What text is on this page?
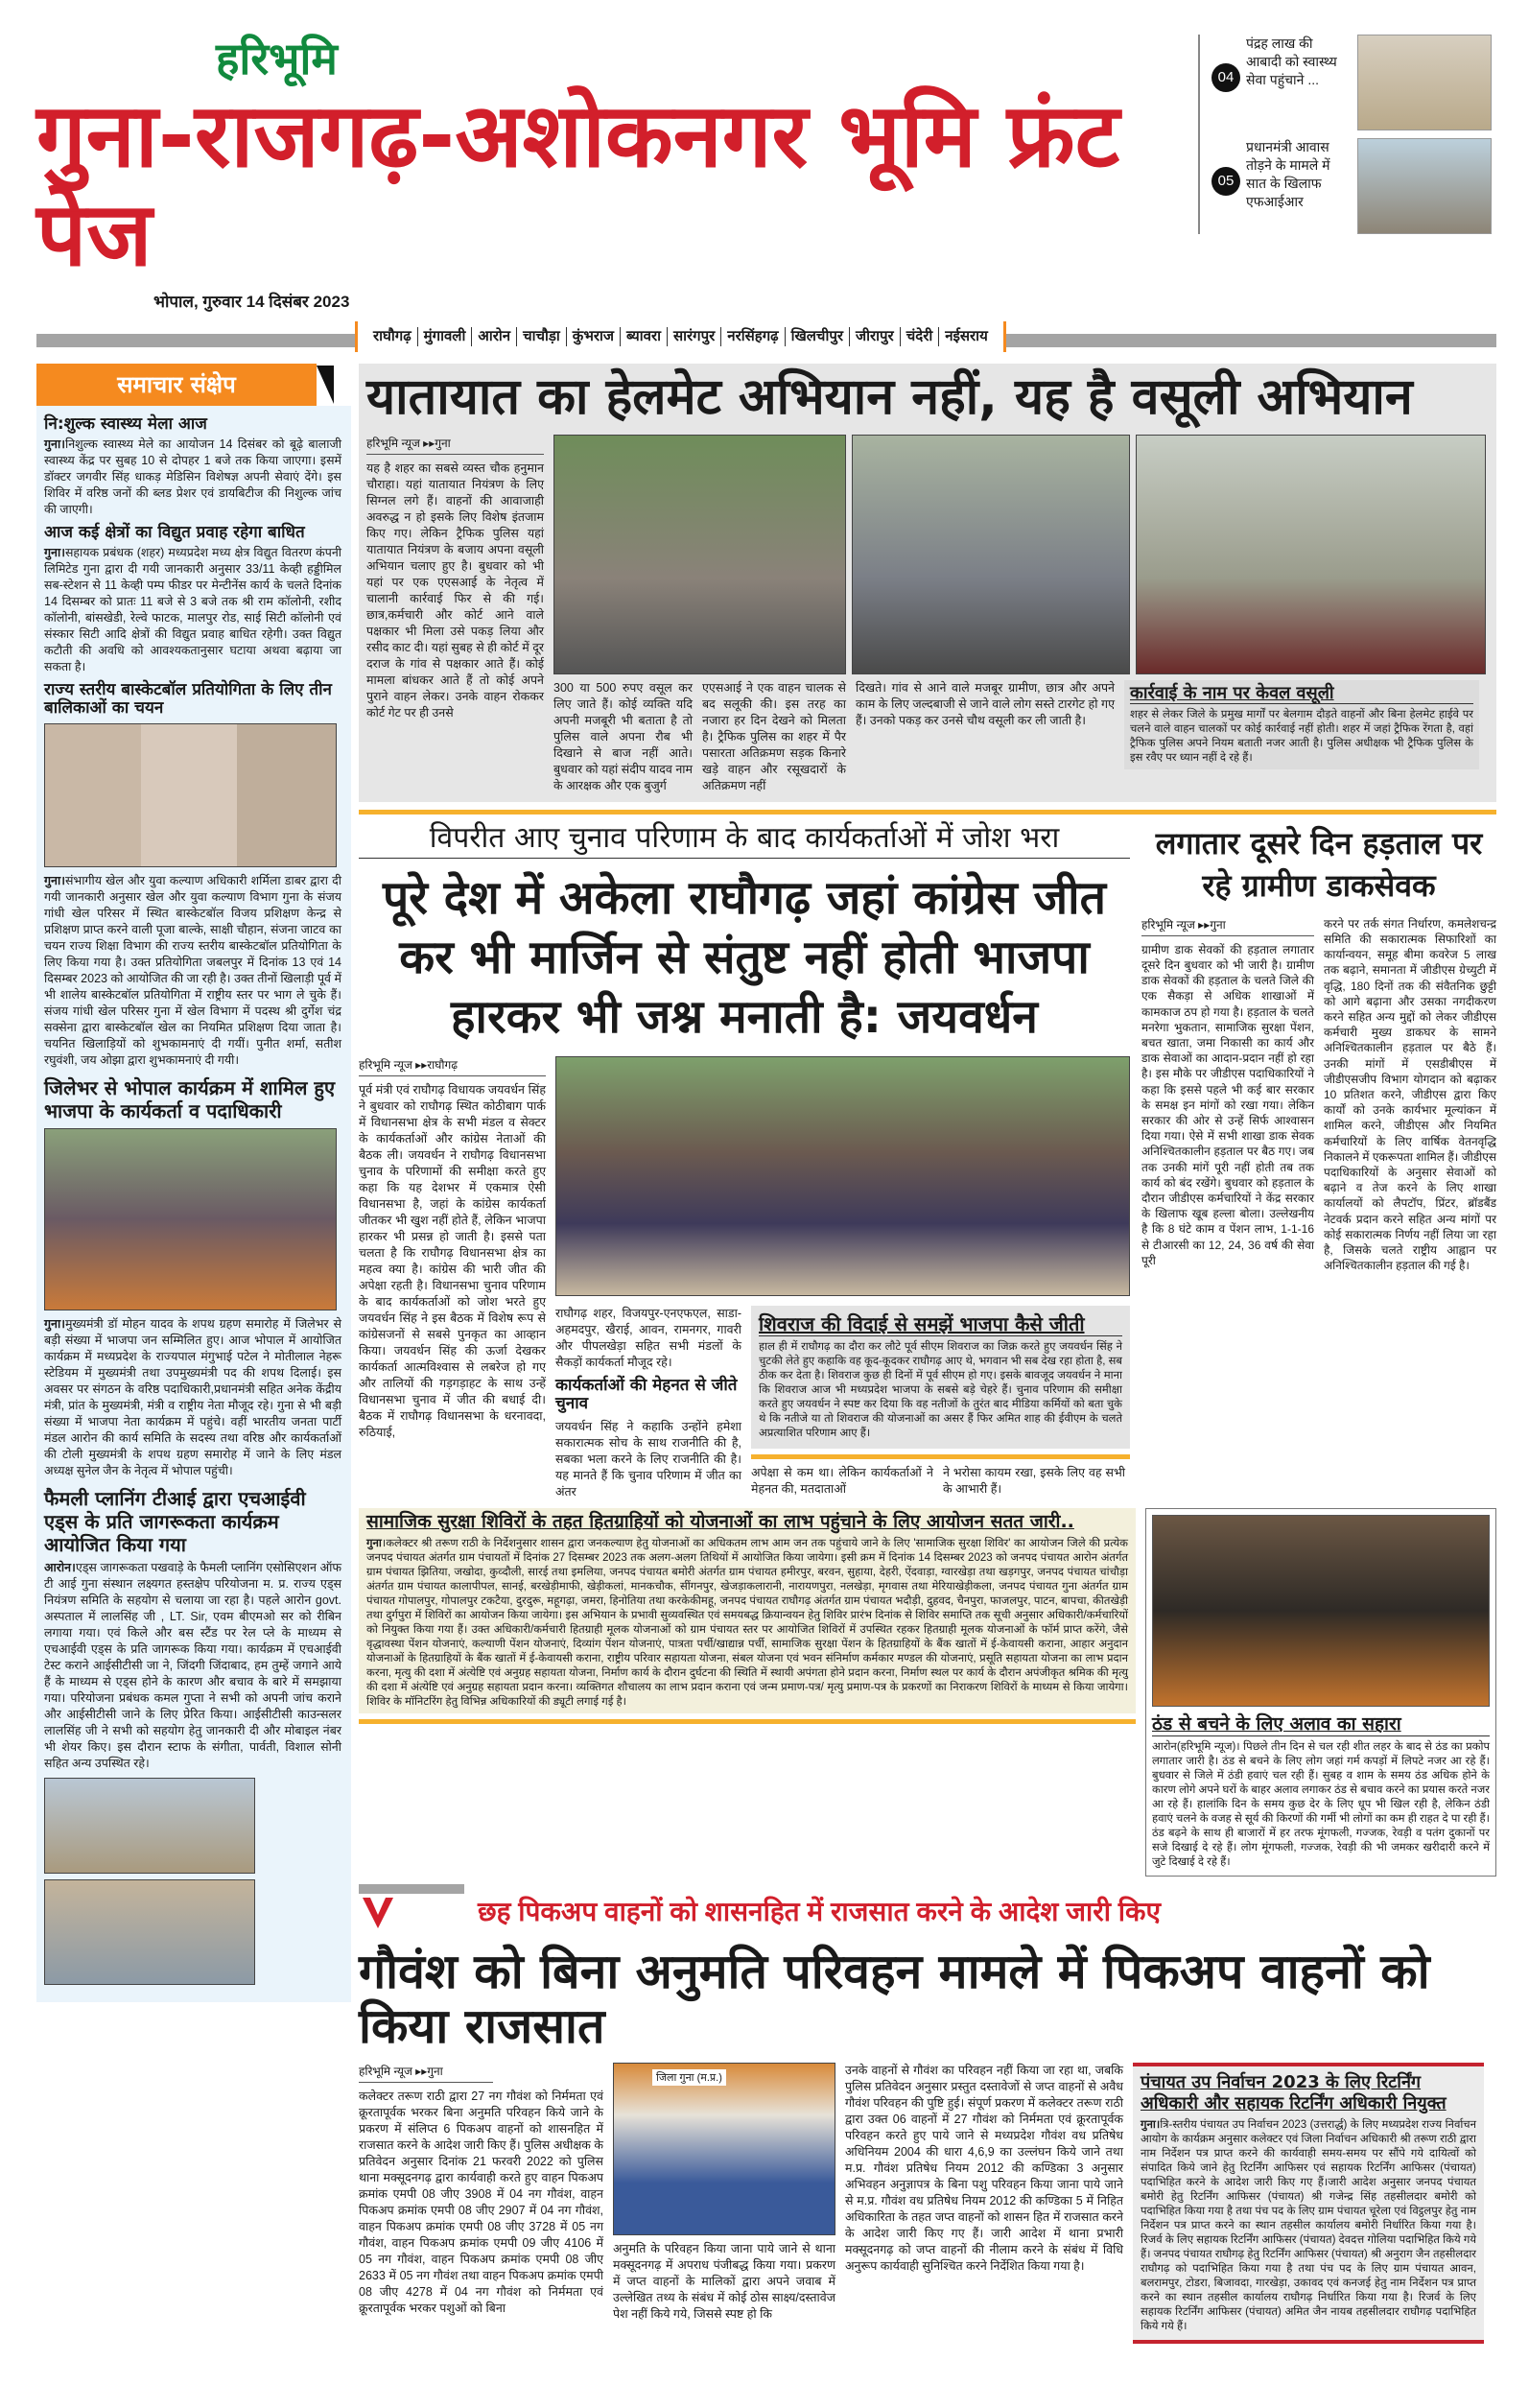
हरिभूमि
गुना-राजगढ़-अशोकनगर भूमि फ्रंट पेज
भोपाल, गुरुवार 14 दिसंबर 2023
04
पंद्रह लाख की आबादी को स्वास्थ्य सेवा पहुंचाने ...
05
प्रधानमंत्री आवास तोड़ने के मामले में सात के खिलाफ एफआईआर
राघौगढ़ मुंगावली आरोन चाचौड़ा कुंभराज ब्यावरा सारंगपुर नरसिंहगढ़ खिलचीपुर जीरापुर चंदेरी नईसराय
समाचार संक्षेप
नि:शुल्क स्वास्थ्य मेला आज

गुना।निशुल्क स्वास्थ्य मेले का आयोजन 14 दिसंबर को बूढ़े बालाजी स्वास्थ्य केंद्र पर सुबह 10 से दोपहर 1 बजे तक किया जाएगा। इसमें डॉक्टर जगवीर सिंह धाकड़ मेडिसिन विशेषज्ञ अपनी सेवाएं देंगे। इस शिविर में वरिष्ठ जनों की ब्लड प्रेशर एवं डायबिटीज की निशुल्क जांच की जाएगी।

आज कई क्षेत्रों का विद्युत प्रवाह रहेगा बाधित

गुना।सहायक प्रबंधक (शहर) मध्यप्रदेश मध्य क्षेत्र विद्युत वितरण कंपनी लिमिटेड गुना द्वारा दी गयी जानकारी अनुसार 33/11 केव्ही हड्डीमिल सब-स्टेशन से 11 केव्ही पम्प फीडर पर मेन्टीनेंस कार्य के चलते दिनांक 14 दिसम्बर को प्रातः 11 बजे से 3 बजे तक श्री राम कॉलोनी, रशीद कॉलोनी, बांसखेडी, रेल्वे फाटक, मालपुर रोड, साई सिटी कॉलोनी एवं संस्कार सिटी आदि क्षेत्रों की विद्युत प्रवाह बाधित रहेगी। उक्त विद्युत कटौती की अवधि को आवश्यकतानुसार घटाया अथवा बढ़ाया जा सकता है।

राज्य स्तरीय बास्केटबॉल प्रतियोगिता के लिए तीन बालिकाओं का चयन

गुना।संभागीय खेल और युवा कल्याण अधिकारी शर्मिला डाबर द्वारा दी गयी जानकारी अनुसार खेल और युवा कल्याण विभाग गुना के संजय गांधी खेल परिसर में स्थित बास्केटबॉल विजय प्रशिक्षण केन्द्र से प्रशिक्षण प्राप्त करने वाली पूजा बाल्के, साक्षी चौहान, संजना जाटव का चयन राज्य शिक्षा विभाग की राज्य स्तरीय बास्केटबॉल प्रतियोगिता के लिए किया गया है। उक्त प्रतियोगिता जबलपुर में दिनांक 13 एवं 14 दिसम्बर 2023 को आयोजित की जा रही है। उक्त तीनों खिलाड़ी पूर्व में भी शालेय बास्केटबॉल प्रतियोगिता में राष्ट्रीय स्तर पर भाग ले चुके हैं। संजय गांधी खेल परिसर गुना में खेल विभाग में पदस्थ श्री दुर्गेश चंद्र सक्सेना द्वारा बास्केटबॉल खेल का नियमित प्रशिक्षण दिया जाता है। चयनित खिलाड़ियों को शुभकामनाएं दी गयीं। पुनीत शर्मा, सतीश रघुवंशी, जय ओझा द्वारा शुभकामनाएं दी गयी।

जिलेभर से भोपाल कार्यक्रम में शामिल हुए भाजपा के कार्यकर्ता व पदाधिकारी

गुना।मुख्यमंत्री डॉ मोहन यादव के शपथ ग्रहण समारोह में जिलेभर से बड़ी संख्या में भाजपा जन सम्मिलित हुए। आज भोपाल में आयोजित कार्यक्रम में मध्यप्रदेश के राज्यपाल मंगुभाई पटेल ने मोतीलाल नेहरू स्टेडियम में मुख्यमंत्री तथा उपमुख्यमंत्री पद की शपथ दिलाई। इस अवसर पर संगठन के वरिष्ठ पदाधिकारी,प्रधानमंत्री सहित अनेक केंद्रीय मंत्री, प्रांत के मुख्यमंत्री, मंत्री व राष्ट्रीय नेता मौजूद रहे। गुना से भी बड़ी संख्या में भाजपा नेता कार्यक्रम में पहुंचे। वहीं भारतीय जनता पार्टी मंडल आरोन की कार्य समिति के सदस्य तथा वरिष्ठ और कार्यकर्ताओं की टोली मुख्यमंत्री के शपथ ग्रहण समारोह में जाने के लिए मंडल अध्यक्ष सुनेल जैन के नेतृत्व में भोपाल पहुंची।

फैमली प्लानिंग टीआई द्वारा एचआईवी एड्स के प्रति जागरूकता कार्यक्रम आयोजित किया गया

आरोन।एड्स जागरूकता पखवाड़े के फैमली प्लानिंग एसोसिएशन ऑफ टी आई गुना संस्थान लक्ष्यगत हस्तक्षेप परियोजना म. प्र. राज्य एड्स नियंत्रण समिति के सहयोग से चलाया जा रहा है। पहले आरोन govt. अस्पताल में लालसिंह जी , LT. Sir, एवम बीएमओ सर को रीबिन लगाया गया। एवं किले और बस स्टैंड पर रेल प्ले के माध्यम से एचआईवी एड्स के प्रति जागरूक किया गया। कार्यक्रम में एचआईवी टेस्ट कराने आईसीटीसी जा ने, जिंदगी जिंदाबाद, हम तुम्हें जगाने आये हैं के माध्यम से एड्स होने के कारण और बचाव के बारे में समझाया गया। परियोजना प्रबंधक कमल गुप्ता ने सभी को अपनी जांच कराने और आईसीटीसी जाने के लिए प्रेरित किया। आईसीटीसी काउन्सलर लालसिंह जी ने सभी को सहयोग हेतु जानकारी दी और मोबाइल नंबर भी शेयर किए। इस दौरान स्टाफ के संगीता, पार्वती, विशाल सोनी सहित अन्य उपस्थित रहे।

यातायात का हेलमेट अभियान नहीं, यह है वसूली अभियान
हरिभूमि न्यूज ▸▸गुना

यह है शहर का सबसे व्यस्त चौक हनुमान चौराहा। यहां यातायात नियंत्रण के लिए सिग्नल लगे हैं। वाहनों की आवाजाही अवरुद्ध न हो इसके लिए विशेष इंतजाम किए गए। लेकिन ट्रैफिक पुलिस यहां यातायात नियंत्रण के बजाय अपना वसूली अभियान चलाए हुए है। बुधवार को भी यहां पर एक एएसआई के नेतृत्व में चालानी कार्रवाई फिर से की गई। छात्र,कर्मचारी और कोर्ट आने वाले पक्षकार भी मिला उसे पकड़ लिया और रसीद काट दी। यहां सुबह से ही कोर्ट में दूर दराज के गांव से पक्षकार आते हैं। कोई मामला बांधकर आते हैं तो कोई अपने पुराने वाहन लेकर। उनके वाहन रोककर कोर्ट गेट पर ही उनसे

300 या 500 रुपए वसूल कर लिए जाते हैं। कोई व्यक्ति यदि अपनी मजबूरी भी बताता है तो पुलिस वाले अपना रौब भी दिखाने से बाज नहीं आते। बुधवार को यहां संदीप यादव नाम के आरक्षक और एक बुजुर्ग

एएसआई ने एक वाहन चालक से बद सलूकी की। इस तरह का नजारा हर दिन देखने को मिलता है। ट्रैफिक पुलिस का शहर में पैर पसारता अतिक्रमण सड़क किनारे खड़े वाहन और रसूखदारों के अतिक्रमण नहीं

दिखते। गांव से आने वाले मजबूर ग्रामीण, छात्र और अपने काम के लिए जल्दबाजी से जाने वाले लोग सस्ते टारगेट हो गए हैं। उनको पकड़ कर उनसे चौथ वसूली कर ली जाती है।

कार्रवाई के नाम पर केवल वसूली

शहर से लेकर जिले के प्रमुख मार्गों पर बेलगाम दौड़ते वाहनों और बिना हेलमेट हाईवे पर चलने वाले वाहन चालकों पर कोई कार्रवाई नहीं होती। शहर में जहां ट्रैफिक रेंगता है, वहां ट्रैफिक पुलिस अपने नियम बताती नजर आती है। पुलिस अधीक्षक भी ट्रैफिक पुलिस के इस रवैए पर ध्यान नहीं दे रहे हैं।

विपरीत आए चुनाव परिणाम के बाद कार्यकर्ताओं में जोश भरा
पूरे देश में अकेला राघौगढ़ जहां कांग्रेस जीत कर भी मार्जिन से संतुष्ट नहीं होती भाजपा हारकर भी जश्न मनाती है: जयवर्धन
हरिभूमि न्यूज ▸▸राघौगढ़

पूर्व मंत्री एवं राघौगढ़ विधायक जयवर्धन सिंह ने बुधवार को राघौगढ़ स्थित कोठीबाग पार्क में विधानसभा क्षेत्र के सभी मंडल व सेक्टर के कार्यकर्ताओं और कांग्रेस नेताओं की बैठक ली। जयवर्धन ने राघौगढ़ विधानसभा चुनाव के परिणामों की समीक्षा करते हुए कहा कि यह देशभर में एकमात्र ऐसी विधानसभा है, जहां के कांग्रेस कार्यकर्ता जीतकर भी खुश नहीं होते हैं, लेकिन भाजपा हारकर भी प्रसन्न हो जाती है। इससे पता चलता है कि राघौगढ़ विधानसभा क्षेत्र का महत्व क्या है। कांग्रेस की भारी जीत की अपेक्षा रहती है। विधानसभा चुनाव परिणाम के बाद कार्यकर्ताओं को जोश भरते हुए जयवर्धन सिंह ने इस बैठक में विशेष रूप से कांग्रेसजनों से सबसे पुनकृत का आव्हान किया। जयवर्धन सिंह की ऊर्जा देखकर कार्यकर्ता आत्मविश्वास से लबरेज हो गए और तालियों की गड़गड़ाहट के साथ उन्हें विधानसभा चुनाव में जीत की बधाई दी। बैठक में राघौगढ़ विधानसभा के धरनावदा, रुठियाई,

राघौगढ़ शहर, विजयपुर-एनएफएल, साडा-अहमदपुर, खैराई, आवन, रामनगर, गावरी और पीपलखेड़ा सहित सभी मंडलों के सैकड़ों कार्यकर्ता मौजूद रहे।

कार्यकर्ताओं की मेहनत से जीते चुनाव

जयवर्धन सिंह ने कहाकि उन्होंने हमेशा सकारात्मक सोच के साथ राजनीति की है, सबका भला करने के लिए राजनीति की है। यह मानते हैं कि चुनाव परिणाम में जीत का अंतर

शिवराज की विदाई से समझें भाजपा कैसे जीती

हाल ही में राघौगढ़ का दौरा कर लौटे पूर्व सीएम शिवराज का जिक्र करते हुए जयवर्धन सिंह ने चुटकी लेते हुए कहाकि वह कूद-कूदकर राघौगढ़ आए थे, भगवान भी सब देख रहा होता है, सब ठीक कर देता है। शिवराज कुछ ही दिनों में पूर्व सीएम हो गए। इसके बावजूद जयवर्धन ने माना कि शिवराज आज भी मध्यप्रदेश भाजपा के सबसे बड़े चेहरे हैं। चुनाव परिणाम की समीक्षा करते हुए जयवर्धन ने स्पष्ट कर दिया कि वह नतीजों के तुरंत बाद मीडिया कर्मियों को बता चुके थे कि नतीजे या तो शिवराज की योजनाओं का असर हैं फिर अमित शाह की ईवीएम के चलते अप्रत्याशित परिणाम आए हैं।

अपेक्षा से कम था। लेकिन कार्यकर्ताओं ने मेहनत की, मतदाताओं

ने भरोसा कायम रखा, इसके लिए वह सभी के आभारी हैं।

लगातार दूसरे दिन हड़ताल पर रहे ग्रामीण डाकसेवक
हरिभूमि न्यूज ▸▸गुना

ग्रामीण डाक सेवकों की हड़ताल लगातार दूसरे दिन बुधवार को भी जारी है। ग्रामीण डाक सेवकों की हड़ताल के चलते जिले की एक सैकड़ा से अधिक शाखाओं में कामकाज ठप हो गया है। हड़ताल के चलते मनरेगा भुकतान, सामाजिक सुरक्षा पेंशन, बचत खाता, जमा निकासी का कार्य और डाक सेवाओं का आदान-प्रदान नहीं हो रहा है। इस मौके पर जीडीएस पदाधिकारियों ने कहा कि इससे पहले भी कई बार सरकार के समक्ष इन मांगों को रखा गया। लेकिन सरकार की ओर से उन्हें सिर्फ आश्वासन दिया गया। ऐसे में सभी शाखा डाक सेवक अनिश्चितकालीन हड़ताल पर बैठ गए। जब तक उनकी मांगें पूरी नहीं होती तब तक कार्य को बंद रखेंगे। बुधवार को हड़ताल के दौरान जीडीएस कर्मचारियों ने केंद्र सरकार के खिलाफ खूब हल्ला बोला। उल्लेखनीय है कि 8 घंटे काम व पेंशन लाभ, 1-1-16 से टीआरसी का 12, 24, 36 वर्ष की सेवा पूरी

करने पर तर्क संगत निर्धारण, कमलेशचन्द्र समिति की सकारात्मक सिफारिशों का कार्यान्वयन, समूह बीमा कवरेज 5 लाख तक बढ़ाने, समानता में जीडीएस ग्रेच्युटी में वृद्धि, 180 दिनों तक की संवैतनिक छुट्टी को आगे बढ़ाना और उसका नगदीकरण करने सहित अन्य मुद्दों को लेकर जीडीएस कर्मचारी मुख्य डाकघर के सामने अनिश्चितकालीन हड़ताल पर बैठे हैं। उनकी मांगों में एसडीबीएस में जीडीएसजीप विभाग योगदान को बढ़ाकर 10 प्रतिशत करने, जीडीएस द्वारा किए कार्यों को उनके कार्यभार मूल्यांकन में शामिल करने, जीडीएस और नियमित कर्मचारियों के लिए वार्षिक वेतनवृद्धि निकालने में एकरूपता शामिल हैं। जीडीएस पदाधिकारियों के अनुसार सेवाओं को बढ़ाने व तेज करने के लिए शाखा कार्यालयों को लैपटॉप, प्रिंटर, ब्रॉडबैंड नेटवर्क प्रदान करने सहित अन्य मांगों पर कोई सकारात्मक निर्णय नहीं लिया जा रहा है, जिसके चलते राष्ट्रीय आह्वान पर अनिश्चितकालीन हड़ताल की गई है।

सामाजिक सुरक्षा शिविरों के तहत हितग्राहियों को योजनाओं का लाभ पहुंचाने के लिए आयोजन सतत जारी..

गुना।कलेक्टर श्री तरूण राठी के निर्देशनुसार शासन द्वारा जनकल्याण हेतु योजनाओं का अधिकतम लाभ आम जन तक पहुंचाये जाने के लिए 'सामाजिक सुरक्षा शिविर' का आयोजन जिले की प्रत्येक जनपद पंचायत अंतर्गत ग्राम पंचायतों में दिनांक 27 दिसम्बर 2023 तक अलग-अलग तिथियों में आयोजित किया जायेगा। इसी क्रम में दिनांक 14 दिसम्बर 2023 को जनपद पंचायत आरोन अंतर्गत ग्राम पंचायत झितिया, जखोदा, कुव्दौली, सारई तथा इमलिया, जनपद पंचायत बमोरी अंतर्गत ग्राम पंचायत हमीरपुर, बरवन, सुहाया, देहरी, ऐंदवाड़ा, ग्वारखेड़ा तथा खड़गपुर, जनपद पंचायत चांचौड़ा अंतर्गत ग्राम पंचायत कालापीपल, सानई, बरखेड़ीमाफी, खेड़ीकलां, मानकचौक, सींगनपुर, खेजड़ाकलारानी, नारायणपुरा, नलखेड़ा, मृगवास तथा मेरियाखेड़ीकला, जनपद पंचायत गुना अंतर्गत ग्राम पंचायत गोपालपुर, गोपालपुर टकटैया, दुरदुरू, महूगढ़ा, जमरा, हिनोतिया तथा करकेकीमहू, जनपद पंचायत राघौगढ़ अंतर्गत ग्राम पंचायत भदौड़ी, दुहवद, चैनपुरा, फाजलपुर, पाटन, बापचा, कीतखेड़ी तथा दुर्गपुरा में शिविरों का आयोजन किया जायेगा। इस अभियान के प्रभावी सुव्यवस्थित एवं समयबद्ध क्रियान्वयन हेतु शिविर प्रारंभ दिनांक से शिविर समाप्ति तक सूची अनुसार अधिकारी/कर्मचारियों को नियुक्त किया गया हैं। उक्त अधिकारी/कर्मचारी हितग्राही मूलक योजनाओं को ग्राम पंचायत स्तर पर आयोजित शिविरों में उपस्थित रहकर हितग्राही मूलक योजनाओं के फॉर्म प्राप्त करेंगे, जैसे वृद्धावस्था पेंशन योजनाएं, कल्याणी पेंशन योजनाएं, दिव्यांग पेंशन योजनाएं, पात्रता पर्ची/खाद्यान्न पर्ची, सामाजिक सुरक्षा पेंशन के हितग्राहियों के बैंक खातों में ई-केवायसी कराना, आहार अनुदान योजनाओं के हितग्राहियों के बैंक खातों में ई-केवायसी कराना, राष्ट्रीय परिवार सहायता योजना, संबल योजना एवं भवन संनिर्माण कर्मकार मण्डल की योजनाएं, प्रसूति सहायता योजना का लाभ प्रदान करना, मृत्यु की दशा में अंत्येष्टि एवं अनुग्रह सहायता योजना, निर्माण कार्य के दौरान दुर्घटना की स्थिति में स्थायी अपंगता होने प्रदान करना, निर्माण स्थल पर कार्य के दौरान अपंजीकृत श्रमिक की मृत्यु की दशा में अंत्येष्टि एवं अनुग्रह सहायता प्रदान करना। व्यक्तिगत शौचालय का लाभ प्रदान कराना एवं जन्म प्रमाण-पत्र/ मृत्यु प्रमाण-पत्र के प्रकरणों का निराकरण शिविरों के माध्यम से किया जायेगा। शिविर के मॉनिटरिंग हेतु विभिन्न अधिकारियों की ड्यूटी लगाई गई है।

ठंड से बचने के लिए अलाव का सहारा

आरोन(हरिभूमि न्यूज)। पिछले तीन दिन से चल रही शीत लहर के बाद से ठंड का प्रकोप लगातार जारी है। ठंड से बचने के लिए लोग जहां गर्म कपड़ों में लिपटे नजर आ रहे हैं। बुधवार से जिले में ठंडी हवाएं चल रही हैं। सुबह व शाम के समय ठंड अधिक होने के कारण लोगे अपने घरों के बाहर अलाव लगाकर ठंड से बचाव करने का प्रयास करते नजर आ रहे हैं। हालांकि दिन के समय कुछ देर के लिए धूप भी खिल रही है, लेकिन ठंडी हवाएं चलने के वजह से सूर्य की किरणों की गर्मी भी लोगों का कम ही राहत दे पा रही हैं। ठंड बढ़ने के साथ ही बाजारों में हर तरफ मूंगफली, गज्जक, रेवड़ी व पतंग दुकानों पर सजे दिखाई दे रहे हैं। लोग मूंगफली, गज्जक, रेवड़ी की भी जमकर खरीदारी करने में जुटे दिखाई दे रहे हैं।

छह पिकअप वाहनों को शासनहित में राजसात करने के आदेश जारी किए
गौवंश को बिना अनुमति परिवहन मामले में पिकअप वाहनों को किया राजसात
हरिभूमि न्यूज ▸▸गुना

कलेक्टर तरूण राठी द्वारा 27 नग गौवंश को निर्ममता एवं क्रूरतापूर्वक भरकर बिना अनुमति परिवहन किये जाने के प्रकरण में संलिप्त 6 पिकअप वाहनों को शासनहित में राजसात करने के आदेश जारी किए हैं। पुलिस अधीक्षक के प्रतिवेदन अनुसार दिनांक 21 फरवरी 2022 को पुलिस थाना मक्सूदनगढ़ द्वारा कार्यवाही करते हुए वाहन पिकअप क्रमांक एमपी 08 जीए 3908 में 04 नग गौवंश, वाहन पिकअप क्रमांक एमपी 08 जीए 2907 में 04 नग गौवंश, वाहन पिकअप क्रमांक एमपी 08 जीए 3728 में 05 नग गौवंश, वाहन पिकअप क्रमांक एमपी 09 जीए 4106 में 05 नग गौवंश, वाहन पिकअप क्रमांक एमपी 08 जीए 2633 में 05 नग गौवंश तथा वाहन पिकअप क्रमांक एमपी 08 जीए 4278 में 04 नग गौवंश को निर्ममता एवं क्रूरतापूर्वक भरकर पशुओं को बिना

जिला गुना (म.प्र.)

अनुमति के परिवहन किया जाना पाये जाने से थाना मक्सूदनगढ़ में अपराध पंजीबद्ध किया गया। प्रकरण में जप्त वाहनों के मालिकों द्वारा अपने जवाब में उल्लेखित तथ्य के संबंध में कोई ठोस साक्ष्य/दस्तावेज पेश नहीं किये गये, जिससे स्पष्ट हो कि

उनके वाहनों से गौवंश का परिवहन नहीं किया जा रहा था, जबकि पुलिस प्रतिवेदन अनुसार प्रस्तुत दस्तावेजों से जप्त वाहनों से अवैध गौवंश परिवहन की पुष्टि हुई। संपूर्ण प्रकरण में कलेक्टर तरूण राठी द्वारा उक्त 06 वाहनों में 27 गौवंश को निर्ममता एवं क्रूरतापूर्वक परिवहन करते हुए पाये जाने से मध्यप्रदेश गौवंश वध प्रतिषेध अधिनियम 2004 की धारा 4,6,9 का उल्लंघन किये जाने तथा म.प्र. गौवंश प्रतिषेध नियम 2012 की कण्डिका 3 अनुसार अभिवहन अनुज्ञापत्र के बिना पशु परिवहन किया जाना पाये जाने से म.प्र. गौवंश वध प्रतिषेध नियम 2012 की कण्डिका 5 में निहित अधिकारिता के तहत जप्त वाहनों को शासन हित में राजसात करने के आदेश जारी किए गए हैं। जारी आदेश में थाना प्रभारी मक्सूदनगढ़ को जप्त वाहनों की नीलाम करने के संबंध में विधि अनुरूप कार्यवाही सुनिश्चित करने निर्देशित किया गया है।

पंचायत उप निर्वाचन 2023 के लिए रिटर्निंग अधिकारी और सहायक रिटर्निंग अधिकारी नियुक्त

गुना।त्रि-स्तरीय पंचायत उप निर्वाचन 2023 (उत्तरार्द्ध) के लिए मध्यप्रदेश राज्य निर्वाचन आयोग के कार्यक्रम अनुसार कलेक्टर एवं जिला निर्वाचन अधिकारी श्री तरूण राठी द्वारा नाम निर्देशन पत्र प्राप्त करने की कार्यवाही समय-समय पर सौंपे गये दायित्वों को संपादित किये जाने हेतु रिटर्निंग आफिसर एवं सहायक रिटर्निंग आफिसर (पंचायत) पदाभिहित करने के आदेश जारी किए गए हैं।जारी आदेश अनुसार जनपद पंचायत बमोरी हेतु रिटर्निंग आफिसर (पंचायत) श्री गजेन्द्र सिंह तहसीलदार बमोरी को पदाभिहित किया गया है तथा पंच पद के लिए ग्राम पंचायत चूरेला एवं विट्ठलपुर हेतु नाम निर्देशन पत्र प्राप्त करने का स्थान तहसील कार्यालय बमोरी निर्धारित किया गया है। रिजर्व के लिए सहायक रिटर्निंग आफिसर (पंचायत) देवदत्त गोलिया पदाभिहित किये गये हैं। जनपद पंचायत राघौगढ़ हेतु रिटर्निंग आफिसर (पंचायत) श्री अनुराग जैन तहसीलदार राघौगढ़ को पदाभिहित किया गया है तथा पंच पद के लिए ग्राम पंचायत आवन, बलरामपुर, टोडरा, बिजावदा, गारखेड़ा, उकावद एवं कनजई हेतु नाम निर्देशन पत्र प्राप्त करने का स्थान तहसील कार्यालय राघौगढ़ निर्धारित किया गया है। रिजर्व के लिए सहायक रिटर्निंग आफिसर (पंचायत) अमित जैन नायब तहसीलदार राघौगढ़ पदाभिहित किये गये हैं।
